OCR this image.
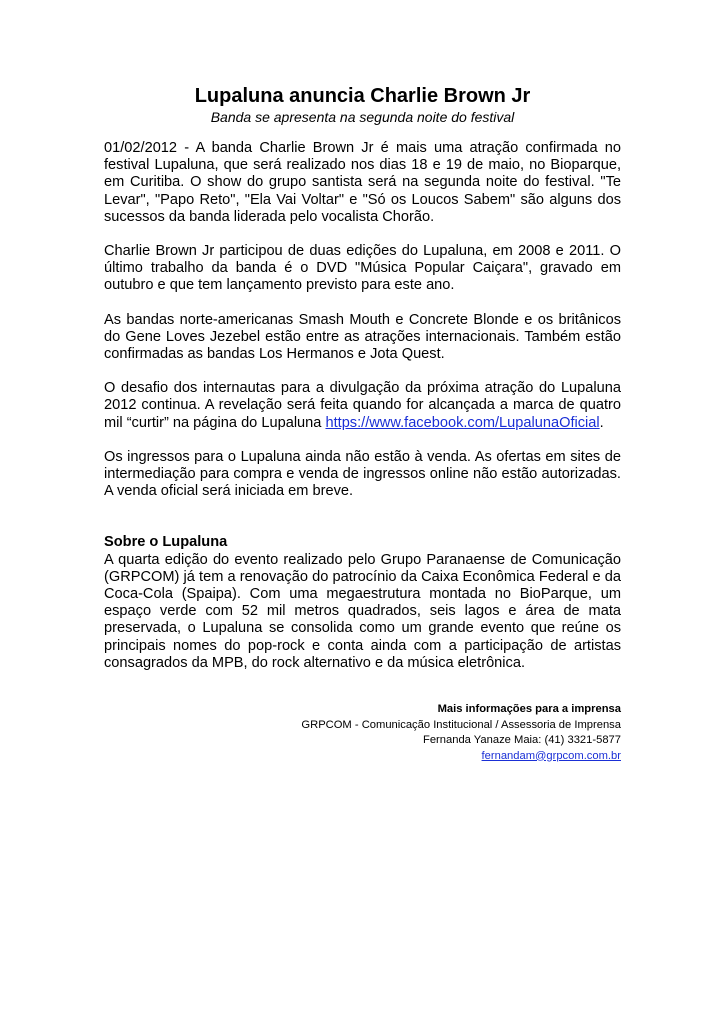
Lupaluna anuncia Charlie Brown Jr

Banda se apresenta na segunda noite do festival

01/02/2012 - A banda Charlie Brown Jr é mais uma atração confirmada no festival Lupaluna, que será realizado nos dias 18 e 19 de maio, no Bioparque, em Curitiba. O show do grupo santista será na segunda noite do festival. "Te Levar", "Papo Reto", "Ela Vai Voltar" e "Só os Loucos Sabem" são alguns dos sucessos da banda liderada pelo vocalista Chorão.

Charlie Brown Jr participou de duas edições do Lupaluna, em 2008 e 2011. O último trabalho da banda é o DVD "Música Popular Caiçara", gravado em outubro e que tem lançamento previsto para este ano.

As bandas norte-americanas Smash Mouth e Concrete Blonde e os britânicos do Gene Loves Jezebel estão entre as atrações internacionais. Também estão confirmadas as bandas Los Hermanos e Jota Quest.

O desafio dos internautas para a divulgação da próxima atração do Lupaluna 2012 continua. A revelação será feita quando for alcançada a marca de quatro mil “curtir” na página do Lupaluna https://www.facebook.com/LupalunaOficial.

Os ingressos para o Lupaluna ainda não estão à venda. As ofertas em sites de intermediação para compra e venda de ingressos online não estão autorizadas. A venda oficial será iniciada em breve.

Sobre o Lupaluna

A quarta edição do evento realizado pelo Grupo Paranaense de Comunicação (GRPCOM) já tem a renovação do patrocínio da Caixa Econômica Federal e da Coca-Cola (Spaipa). Com uma megaestrutura montada no BioParque, um espaço verde com 52 mil metros quadrados, seis lagos e área de mata preservada, o Lupaluna se consolida como um grande evento que reúne os principais nomes do pop-rock e conta ainda com a participação de artistas consagrados da MPB, do rock alternativo e da música eletrônica.

Mais informações para a imprensa
GRPCOM - Comunicação Institucional / Assessoria de Imprensa
Fernanda Yanaze Maia: (41) 3321-5877
fernandam@grpcom.com.br
